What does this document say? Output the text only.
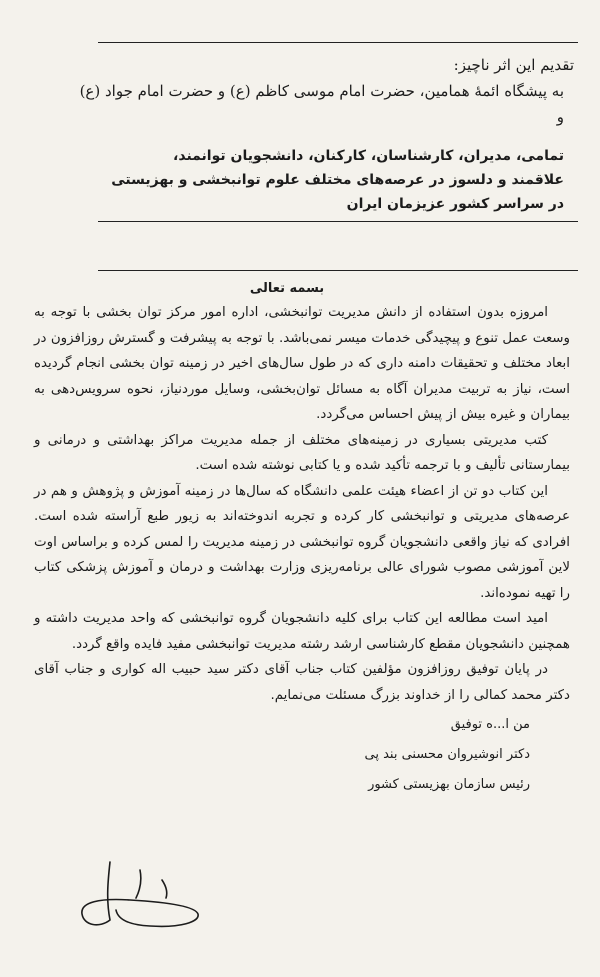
تقدیم این اثر ناچیز:
به پیشگاه ائمهٔ همامین، حضرت امام موسی کاظم (ع) و حضرت امام جواد (ع)
و
تمامی، مدیران، کارشناسان، کارکنان، دانشجویان توانمند،
علاقمند و دلسوز در عرصه‌های مختلف علوم توانبخشی و بهزیستی
در سراسر کشور عزیزمان ایران
بسمه تعالی

امروزه بدون استفاده از دانش مدیریت توانبخشی، اداره امور مرکز توان بخشی با توجه به وسعت عمل تنوع و پیچیدگی خدمات میسر نمی‌باشد. با توجه به پیشرفت و گسترش روزافزون در ابعاد مختلف و تحقیقات دامنه داری که در طول سال‌های اخیر در زمینه توان بخشی انجام گردیده است، نیاز به تربیت مدیران آگاه به مسائل توان‌بخشی، وسایل موردنیاز، نحوه سرویس‌دهی به بیماران و غیره بیش از پیش احساس می‌گردد.

کتب مدیریتی بسیاری در زمینه‌های مختلف از جمله مدیریت مراکز بهداشتی و درمانی و بیمارستانی تألیف و با ترجمه تأکید شده و یا کتابی نوشته شده است.

این کتاب دو تن از اعضاء هیئت علمی دانشگاه که سال‌ها در زمینه آموزش و پژوهش و هم در عرصه‌های مدیریتی و توانبخشی کار کرده و تجربه اندوخته‌اند به زیور طبع آراسته شده است. افرادی که نیاز واقعی دانشجویان گروه توانبخشی در زمینه مدیریت را لمس کرده و براساس اوت لاین آموزشی مصوب شورای عالی برنامه‌ریزی وزارت بهداشت و درمان و آموزش پزشکی کتاب را تهیه نموده‌اند.

امید است مطالعه این کتاب برای کلیه دانشجویان گروه توانبخشی که واحد مدیریت داشته و همچنین دانشجویان مقطع کارشناسی ارشد رشته مدیریت توانبخشی مفید فایده واقع گردد.

در پایان توفیق روزافزون مؤلفین کتاب جناب آقای دکتر سید حبیب اله کواری و جناب آقای دکتر محمد کمالی را از خداوند بزرگ مسئلت می‌نمایم.

من ا...ه توفیق
دکتر انوشیروان محسنی بند پی
رئیس سازمان بهزیستی کشور
